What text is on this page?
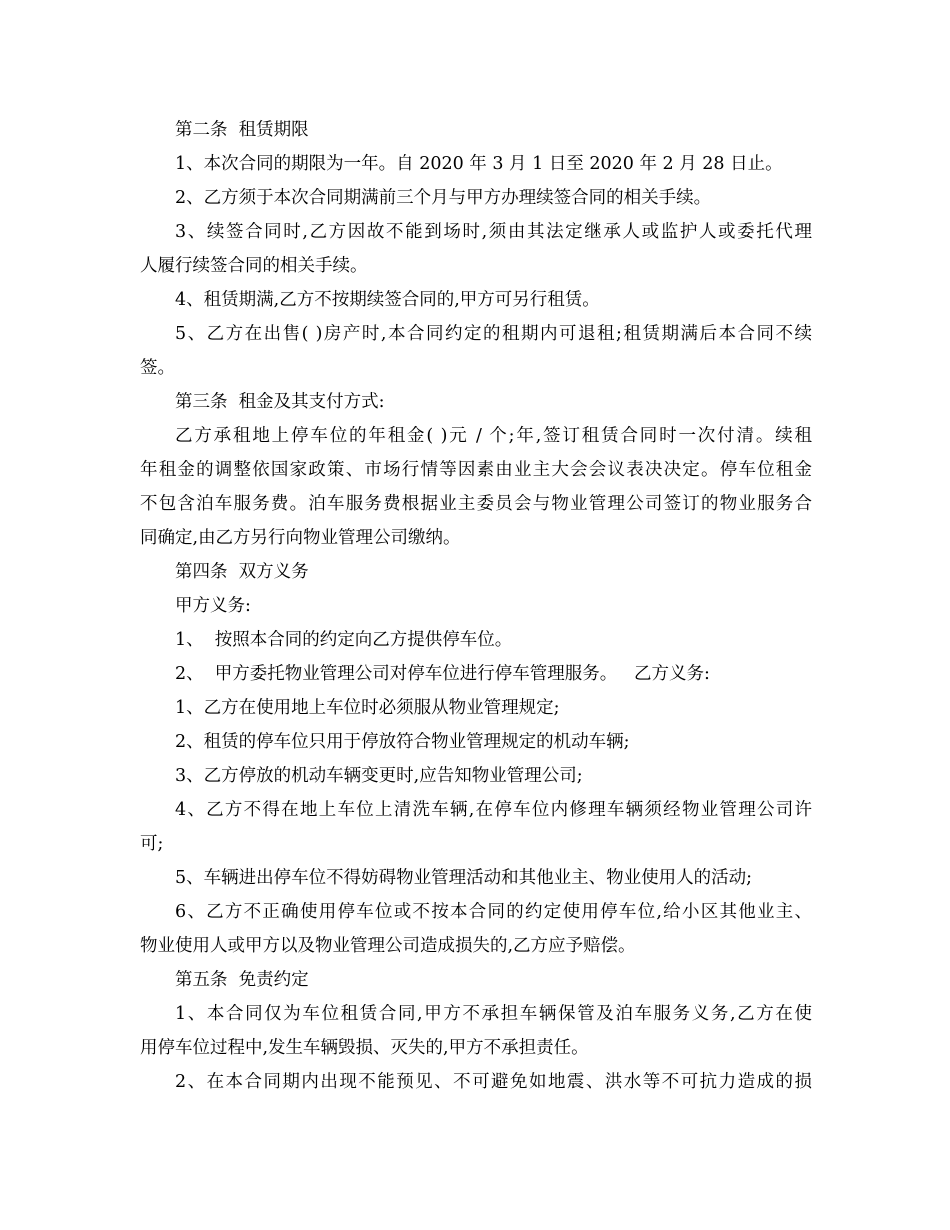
第二条  租赁期限
1、本次合同的期限为一年。自 2020 年 3 月 1 日至 2020 年 2 月 28 日止。
2、乙方须于本次合同期满前三个月与甲方办理续签合同的相关手续。
3、续签合同时,乙方因故不能到场时,须由其法定继承人或监护人或委托代理
人履行续签合同的相关手续。
4、租赁期满,乙方不按期续签合同的,甲方可另行租赁。
5、乙方在出售( )房产时,本合同约定的租期内可退租;租赁期满后本合同不续
签。
第三条  租金及其支付方式:
乙方承租地上停车位的年租金( )元 / 个;年,签订租赁合同时一次付清。续租
年租金的调整依国家政策、市场行情等因素由业主大会会议表决决定。停车位租金
不包含泊车服务费。泊车服务费根据业主委员会与物业管理公司签订的物业服务合
同确定,由乙方另行向物业管理公司缴纳。
第四条  双方义务
甲方义务:
1、  按照本合同的约定向乙方提供停车位。
2、  甲方委托物业管理公司对停车位进行停车管理服务。   乙方义务:
1、乙方在使用地上车位时必须服从物业管理规定;
2、租赁的停车位只用于停放符合物业管理规定的机动车辆;
3、乙方停放的机动车辆变更时,应告知物业管理公司;
4、乙方不得在地上车位上清洗车辆,在停车位内修理车辆须经物业管理公司许
可;
5、车辆进出停车位不得妨碍物业管理活动和其他业主、物业使用人的活动;
6、乙方不正确使用停车位或不按本合同的约定使用停车位,给小区其他业主、
物业使用人或甲方以及物业管理公司造成损失的,乙方应予赔偿。
第五条  免责约定
1、本合同仅为车位租赁合同,甲方不承担车辆保管及泊车服务义务,乙方在使
用停车位过程中,发生车辆毁损、灭失的,甲方不承担责任。
2、在本合同期内出现不能预见、不可避免如地震、洪水等不可抗力造成的损
